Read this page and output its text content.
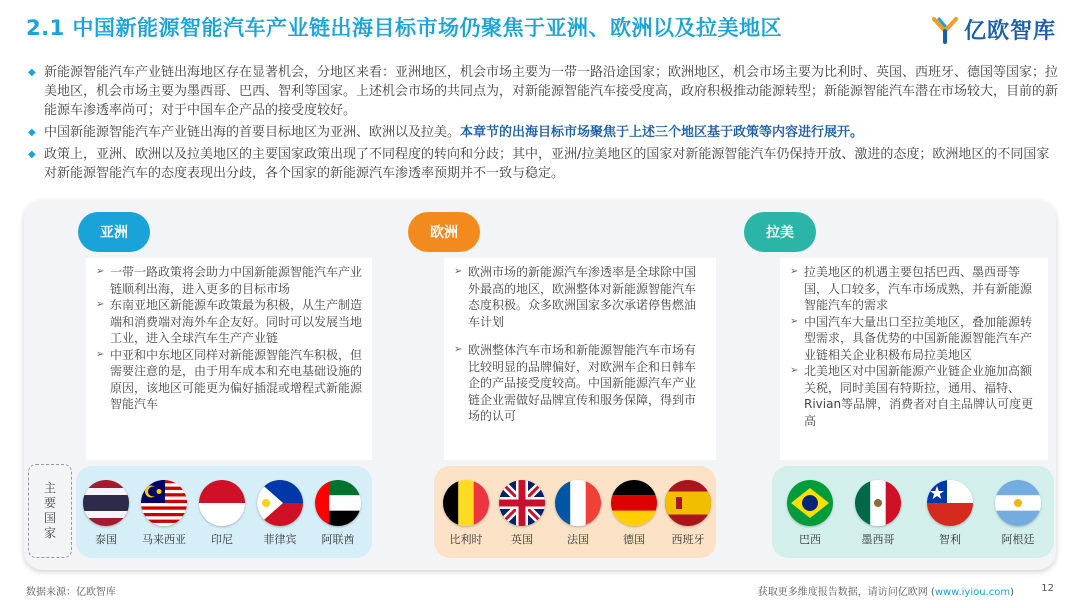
2.1 中国新能源智能汽车产业链出海目标市场仍聚焦于亚洲、欧洲以及拉美地区	亿欧智库
◆ 新能源智能汽车产业链出海地区存在显著机会，分地区来看：亚洲地区，机会市场主要为一带一路沿途国家；欧洲地区，机会市场主要为比利时、英国、西班牙、德国等国家；拉美地区，机会市场主要为墨西哥、巴西、智利等国家。上述机会市场的共同点为，对新能源智能汽车接受度高，政府积极推动能源转型；新能源智能汽车潜在市场较大，目前的新能源车渗透率尚可；对于中国车企产品的接受度较好。
◆ 中国新能源智能汽车产业链出海的首要目标地区为亚洲、欧洲以及拉美。本章节的出海目标市场聚焦于上述三个地区基于政策等内容进行展开。
◆ 政策上，亚洲、欧洲以及拉美地区的主要国家政策出现了不同程度的转向和分歧；其中，亚洲/拉美地区的国家对新能源智能汽车仍保持开放、激进的态度；欧洲地区的不同国家对新能源智能汽车的态度表现出分歧，各个国家的新能源汽车渗透率预期并不一致与稳定。
亚洲	欧洲	拉美
➢ 一带一路政策将会助力中国新能源智能汽车产业链顺利出海，进入更多的目标市场
➢ 东南亚地区新能源车政策最为积极，从生产制造端和消费端对海外车企友好。同时可以发展当地工业，进入全球汽车生产产业链
➢ 中亚和中东地区同样对新能源智能汽车积极，但需要注意的是，由于用车成本和充电基础设施的原因，该地区可能更为偏好插混或增程式新能源智能汽车
➢ 欧洲市场的新能源汽车渗透率是全球除中国外最高的地区，欧洲整体对新能源智能汽车态度积极。众多欧洲国家多次承诺停售燃油车计划
➢ 欧洲整体汽车市场和新能源智能汽车市场有比较明显的品牌偏好，对欧洲车企和日韩车企的产品接受度较高。中国新能源汽车产业链企业需做好品牌宣传和服务保障，得到市场的认可
➢ 拉美地区的机遇主要包括巴西、墨西哥等国，人口较多，汽车市场成熟，并有新能源智能汽车的需求
➢ 中国汽车大量出口至拉美地区，叠加能源转型需求，具备优势的中国新能源智能汽车产业链相关企业积极布局拉美地区
➢ 北美地区对中国新能源产业链企业施加高额关税，同时美国有特斯拉，通用、福特、Rivian等品牌，消费者对自主品牌认可度更高
主要国家	泰国	马来西亚	印尼	菲律宾	阿联酋	比利时	英国	法国	德国	西班牙	巴西	墨西哥	智利	阿根廷
数据来源：亿欧智库	获取更多维度报告数据，请访问亿欧网 (www.iyiou.com)	12
